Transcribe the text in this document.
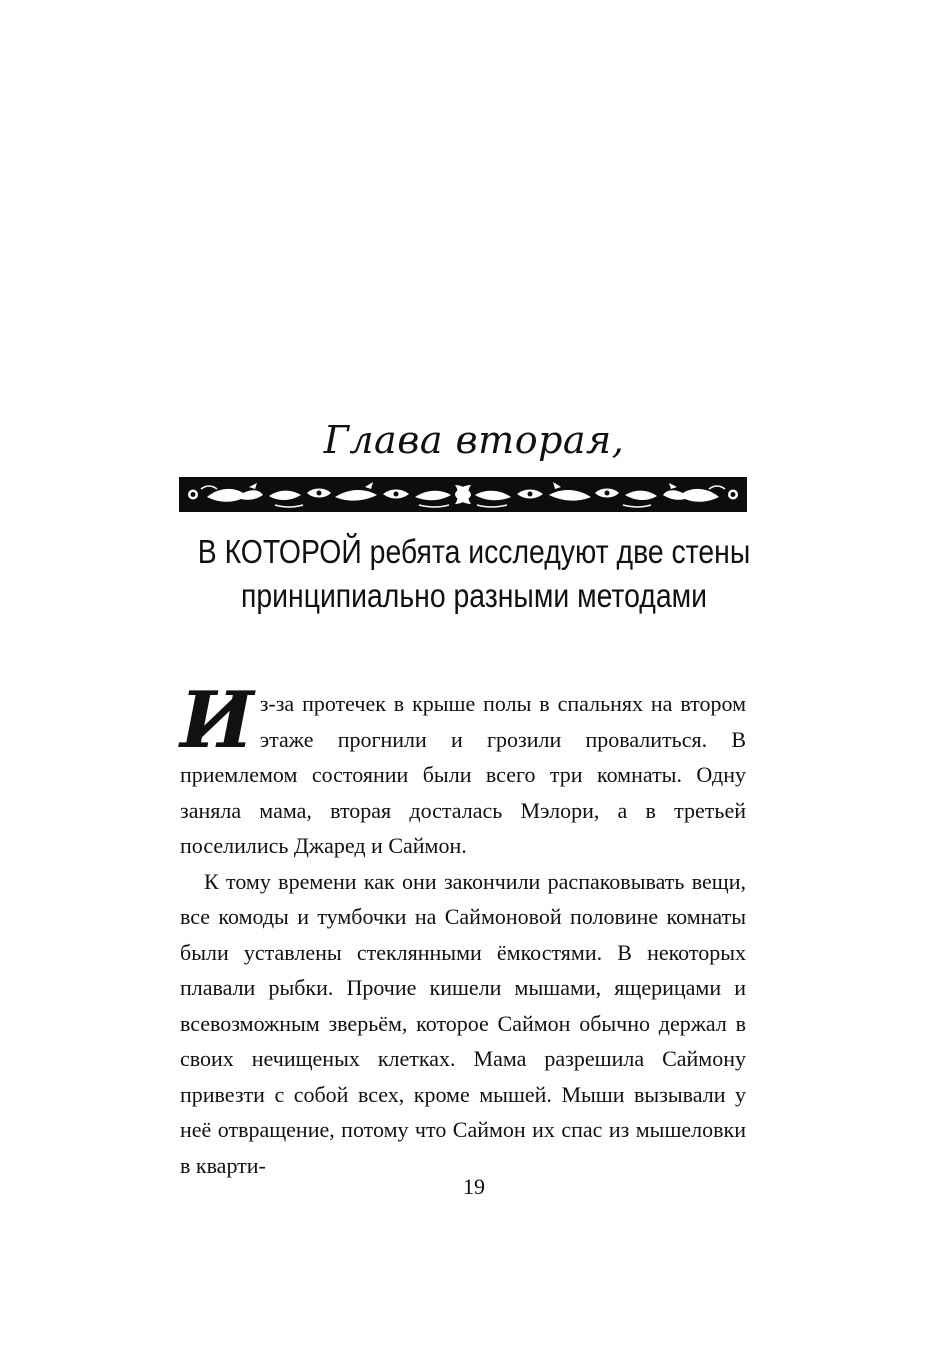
Глава вторая,
В КОТОРОЙ ребята исследуют две стены
принципиально разными методами

Из-за протечек в крыше полы в спальнях на втором этаже прогнили и грозили провалиться. В приемлемом состоянии были всего три комнаты. Одну заняла мама, вторая досталась Мэлори, а в третьей поселились Джаред и Саймон.

К тому времени как они закончили распаковывать вещи, все комоды и тумбочки на Саймоновой половине комнаты были уставлены стеклянными ёмкостями. В некоторых плавали рыбки. Прочие кишели мышами, ящерицами и всевозможным зверьём, которое Саймон обычно держал в своих нечищеных клетках. Мама разрешила Саймону привезти с собой всех, кроме мышей. Мыши вызывали у неё отвращение, потому что Саймон их спас из мышеловки в кварти-

19
